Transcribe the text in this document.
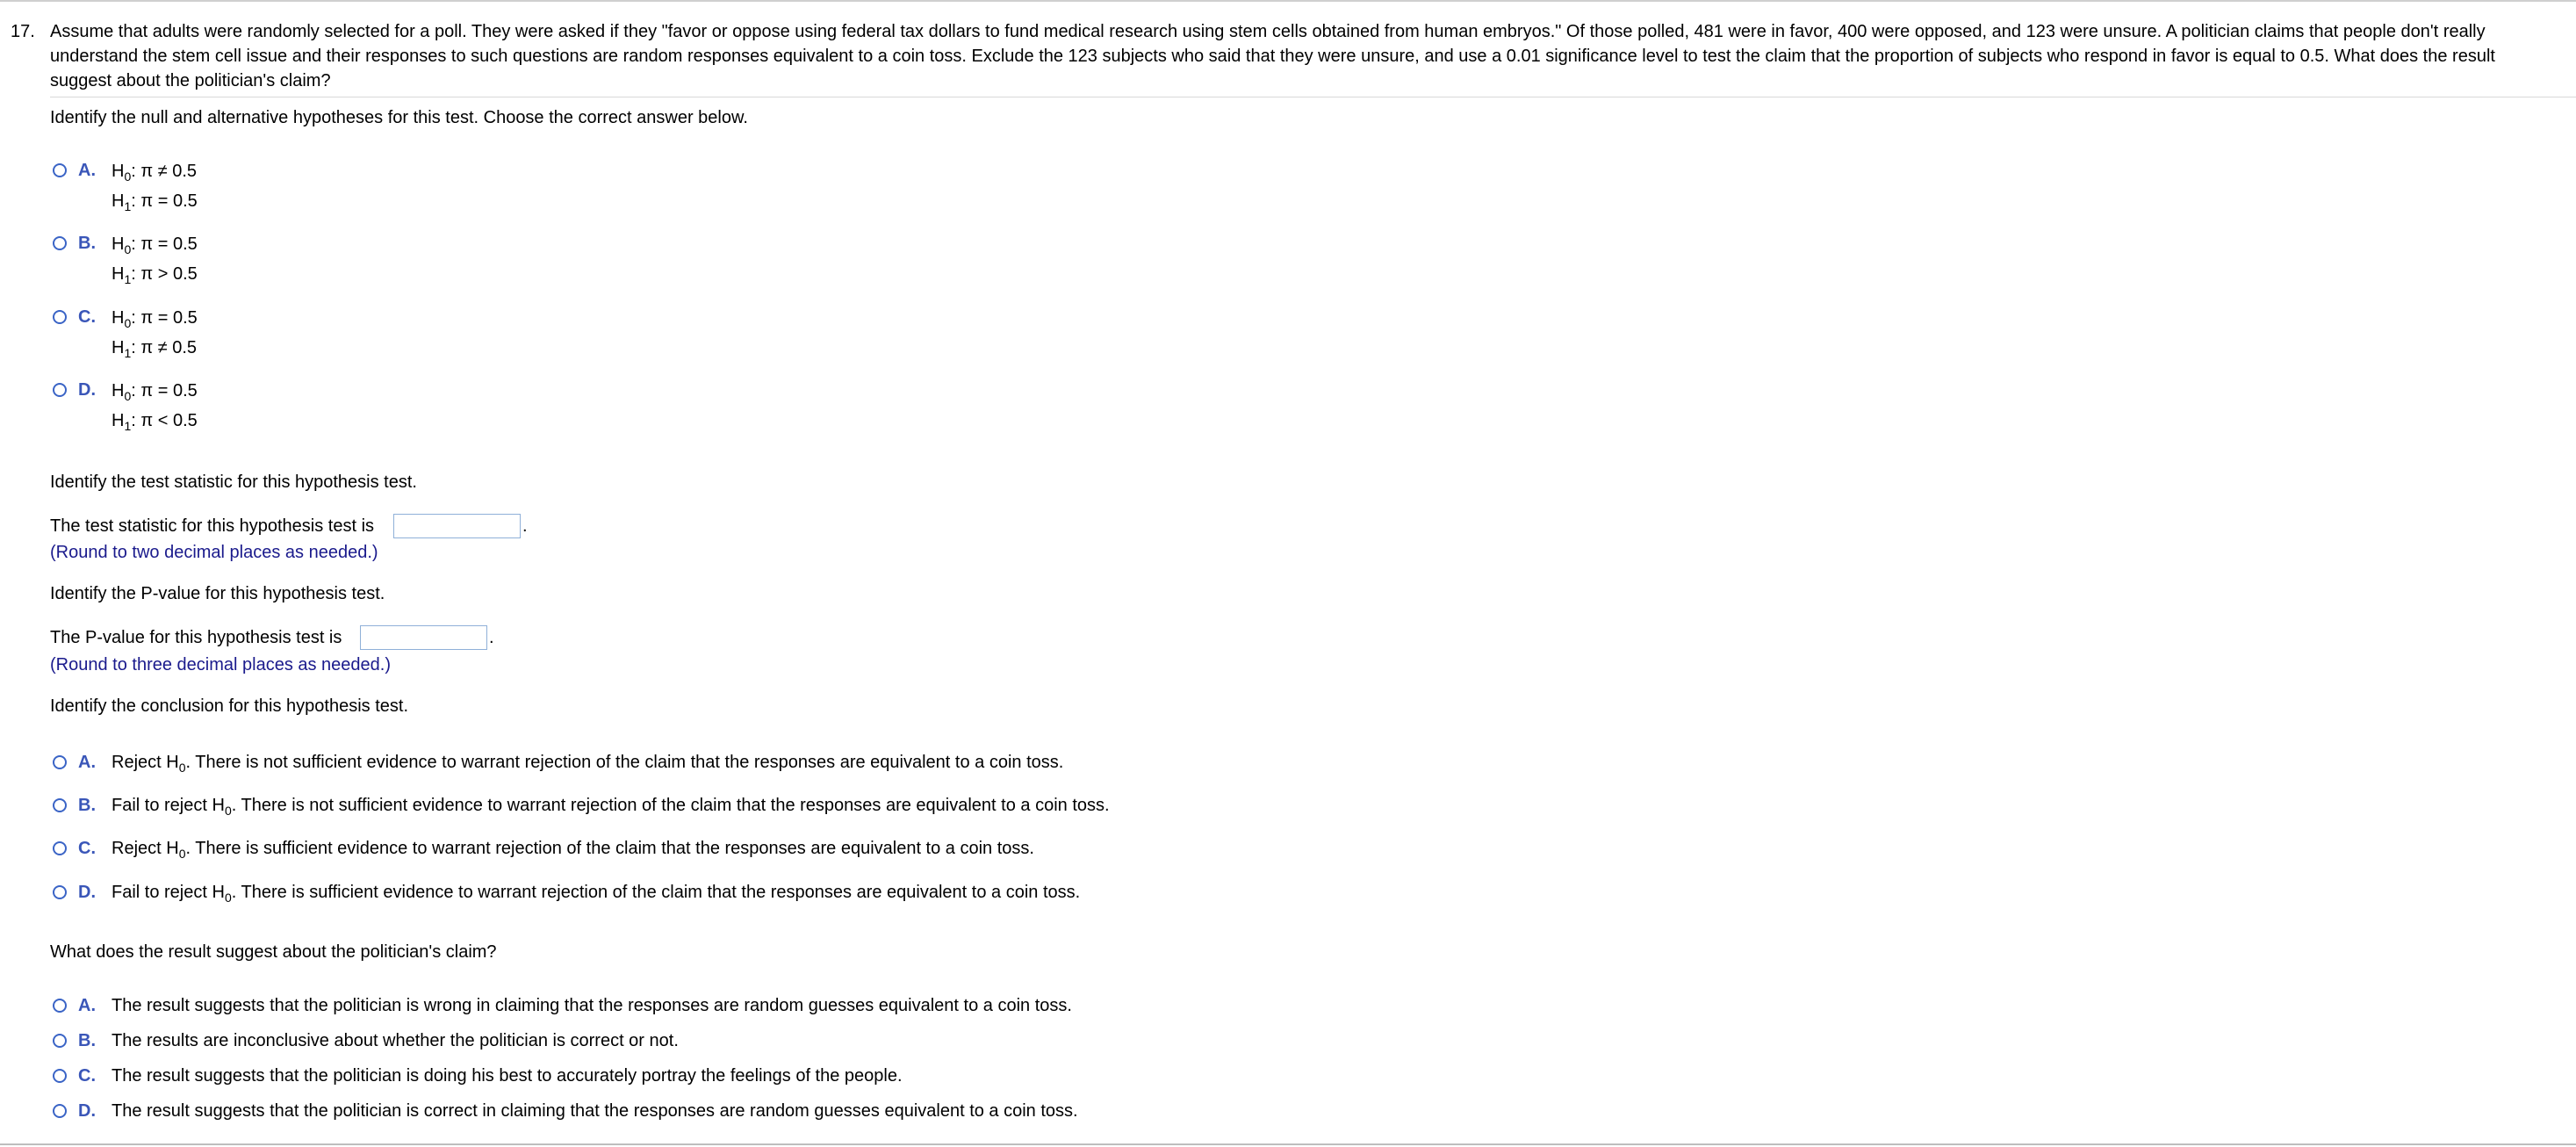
17. Assume that adults were randomly selected for a poll. They were asked if they "favor or oppose using federal tax dollars to fund medical research using stem cells obtained from human embryos." Of those polled, 481 were in favor, 400 were opposed, and 123 were unsure. A politician claims that people don't really understand the stem cell issue and their responses to such questions are random responses equivalent to a coin toss. Exclude the 123 subjects who said that they were unsure, and use a 0.01 significance level to test the claim that the proportion of subjects who respond in favor is equal to 0.5. What does the result suggest about the politician's claim?
Identify the null and alternative hypotheses for this test. Choose the correct answer below.
A. $H_0$: π ≠ 0.5
$H_1$: π = 0.5
B. $H_0$: π = 0.5
$H_1$: π > 0.5
C. $H_0$: π = 0.5
$H_1$: π ≠ 0.5
D. $H_0$: π = 0.5
$H_1$: π < 0.5
Identify the test statistic for this hypothesis test.
The test statistic for this hypothesis test is	.
(Round to two decimal places as needed.)
Identify the P-value for this hypothesis test.
The P-value for this hypothesis test is	.
(Round to three decimal places as needed.)
Identify the conclusion for this hypothesis test.
A. Reject $H_0$. There is not sufficient evidence to warrant rejection of the claim that the responses are equivalent to a coin toss.
B. Fail to reject $H_0$. There is not sufficient evidence to warrant rejection of the claim that the responses are equivalent to a coin toss.
C. Reject $H_0$. There is sufficient evidence to warrant rejection of the claim that the responses are equivalent to a coin toss.
D. Fail to reject $H_0$. There is sufficient evidence to warrant rejection of the claim that the responses are equivalent to a coin toss.
What does the result suggest about the politician's claim?
A. The result suggests that the politician is wrong in claiming that the responses are random guesses equivalent to a coin toss.
B. The results are inconclusive about whether the politician is correct or not.
C. The result suggests that the politician is doing his best to accurately portray the feelings of the people.
D. The result suggests that the politician is correct in claiming that the responses are random guesses equivalent to a coin toss.
